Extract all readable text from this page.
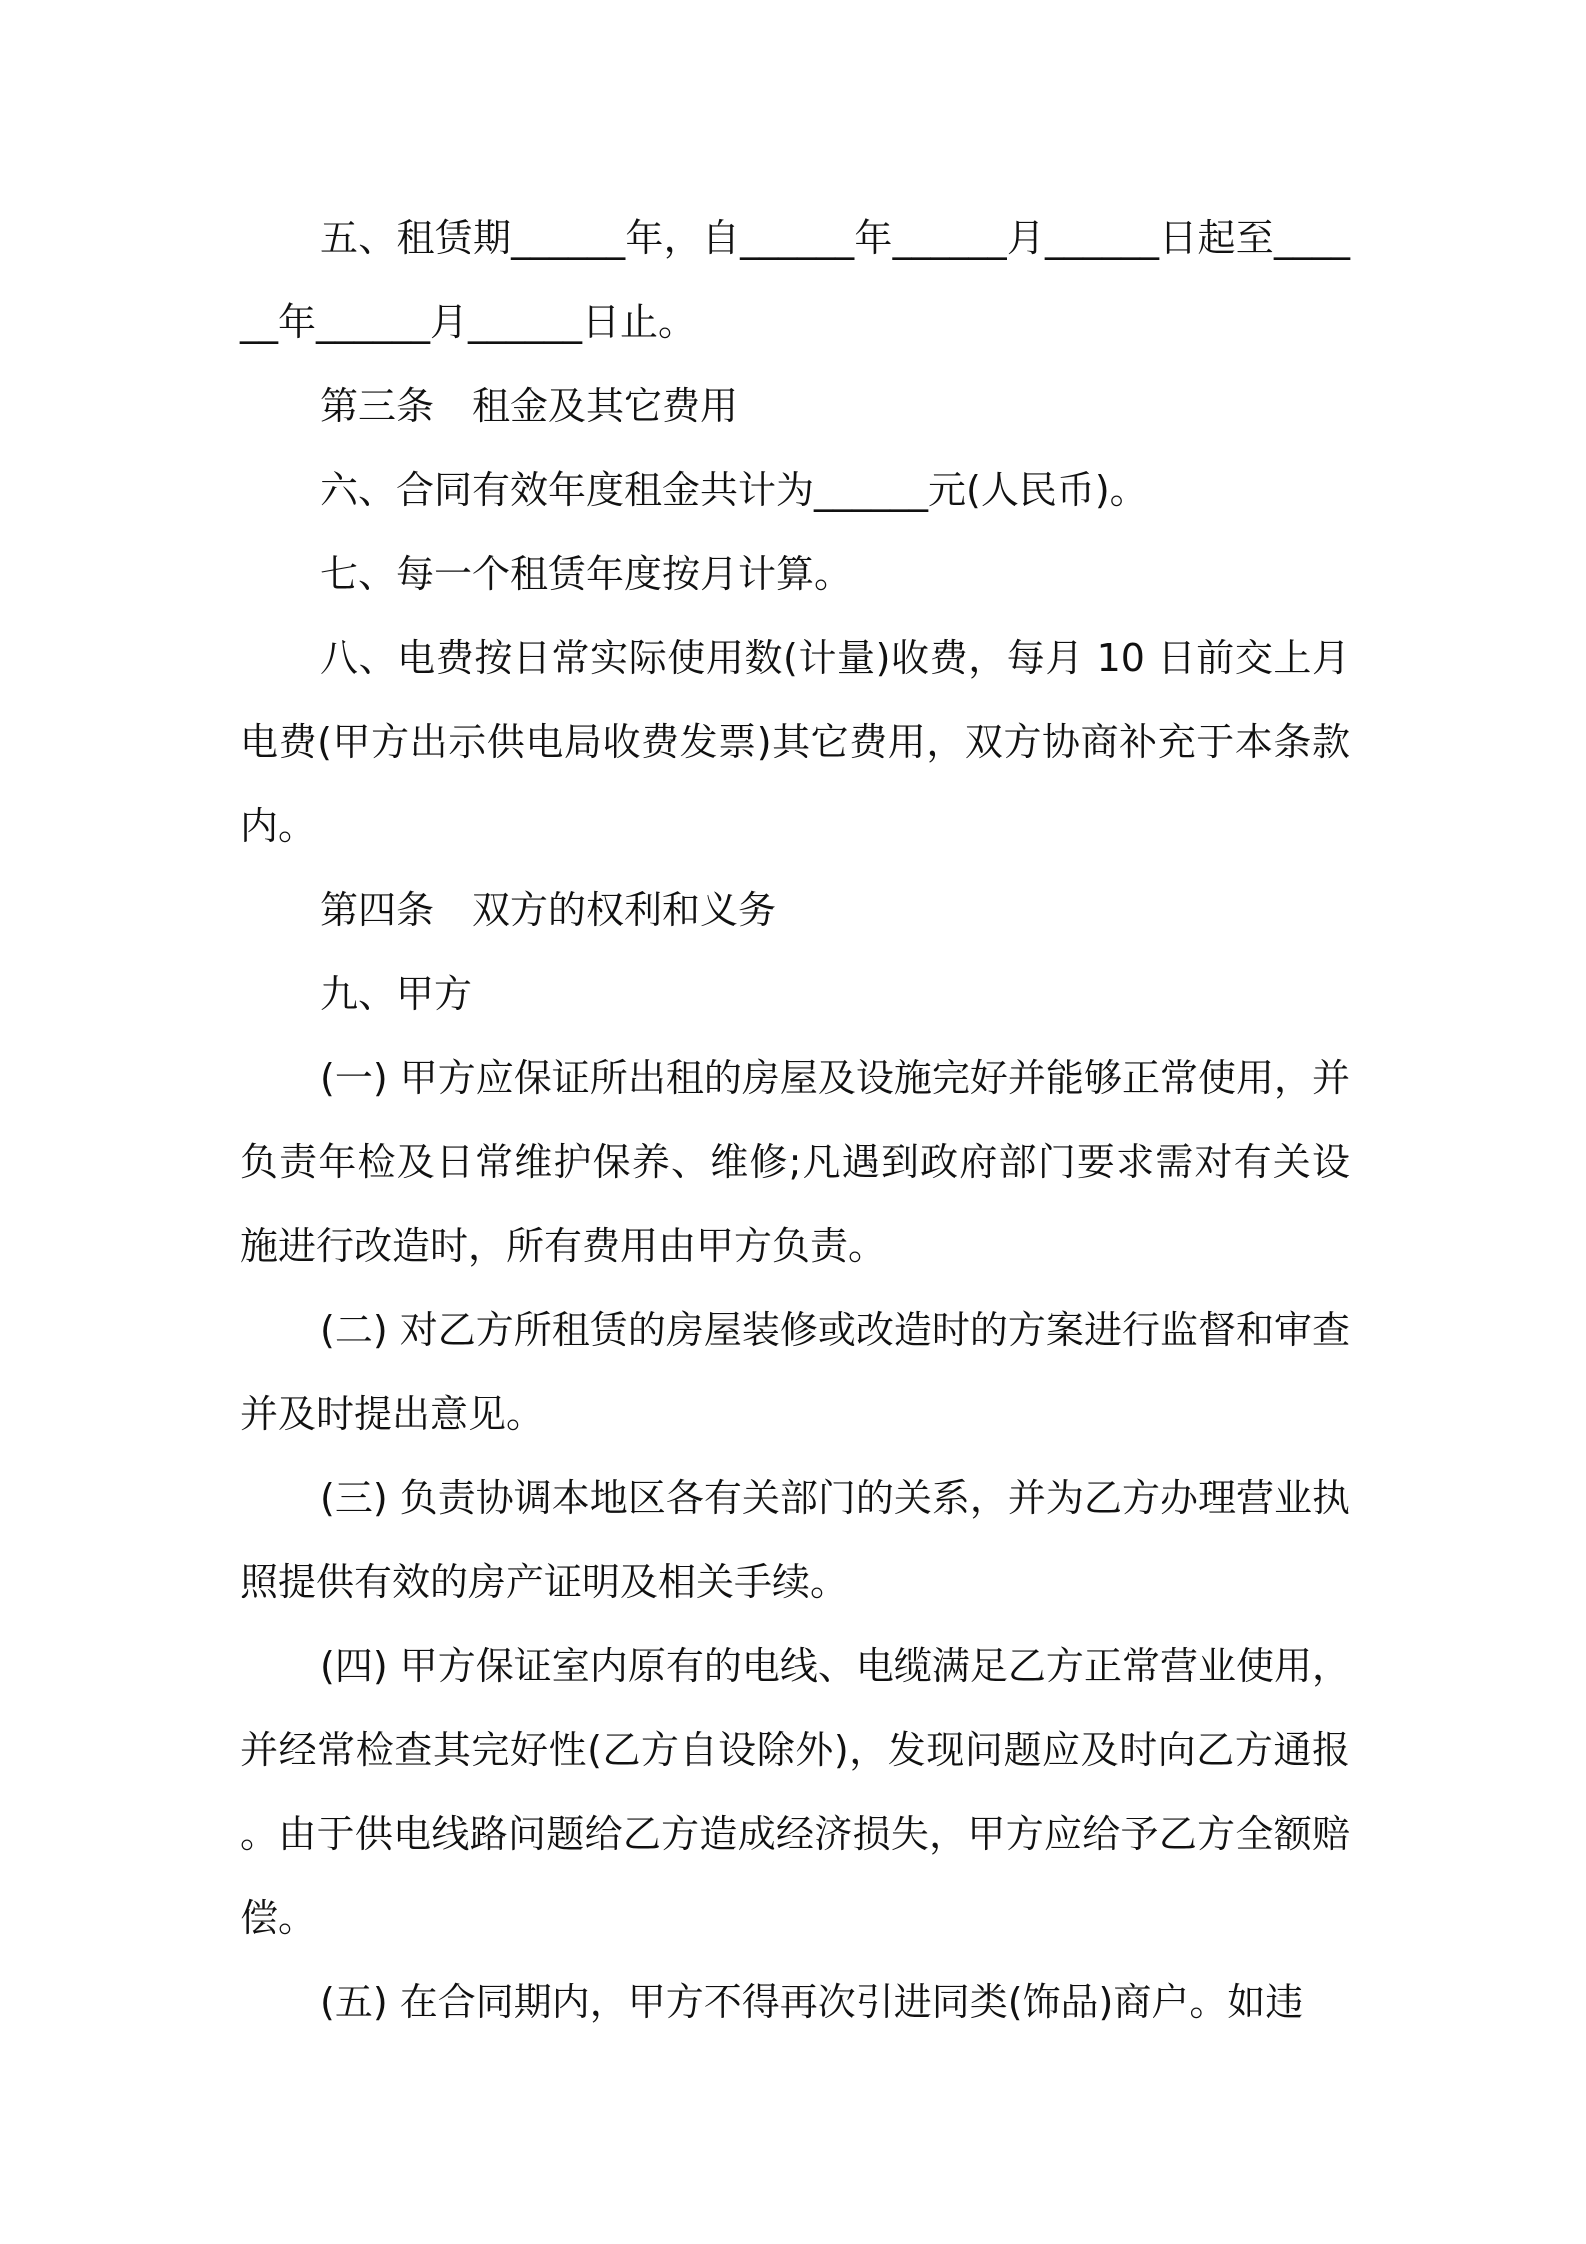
五、租赁期______年，自______年______月______日起至______年______月______日止。

第三条　租金及其它费用

六、合同有效年度租金共计为______元(人民币)。

七、每一个租赁年度按月计算。

八、电费按日常实际使用数(计量)收费，每月 10 日前交上月电费(甲方出示供电局收费发票)其它费用，双方协商补充于本条款内。

第四条　双方的权利和义务

九、甲方

(一) 甲方应保证所出租的房屋及设施完好并能够正常使用，并负责年检及日常维护保养、维修;凡遇到政府部门要求需对有关设施进行改造时，所有费用由甲方负责。

(二) 对乙方所租赁的房屋装修或改造时的方案进行监督和审查并及时提出意见。

(三) 负责协调本地区各有关部门的关系，并为乙方办理营业执照提供有效的房产证明及相关手续。

(四) 甲方保证室内原有的电线、电缆满足乙方正常营业使用，并经常检查其完好性(乙方自设除外)，发现问题应及时向乙方通报。由于供电线路问题给乙方造成经济损失，甲方应给予乙方全额赔偿。

(五) 在合同期内，甲方不得再次引进同类(饰品)商户。如违
